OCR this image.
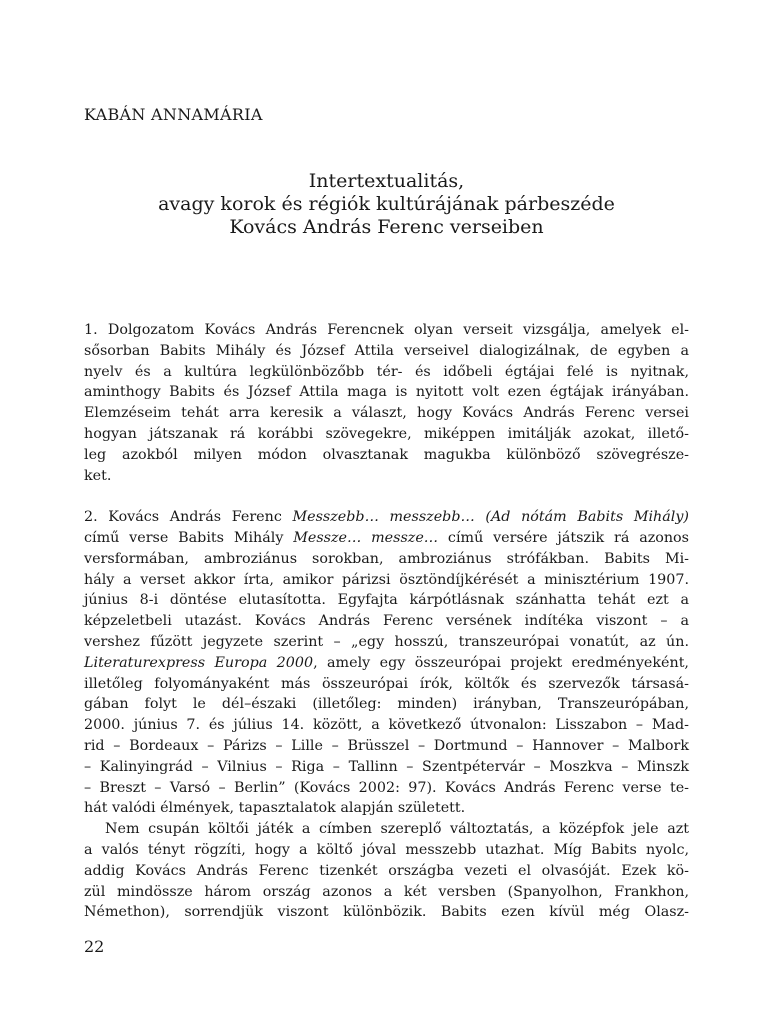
KABÁN ANNAMÁRIA
Intertextualitás,
avagy korok és régiók kultúrájának párbeszéde
Kovács András Ferenc verseiben
1. Dolgozatom Kovács András Ferencnek olyan verseit vizsgálja, amelyek el-
sősorban Babits Mihály és József Attila verseivel dialogizálnak, de egyben a
nyelv és a kultúra legkülönbözőbb tér- és időbeli égtájai felé is nyitnak,
aminthogy Babits és József Attila maga is nyitott volt ezen égtájak irányában.
Elemzéseim tehát arra keresik a választ, hogy Kovács András Ferenc versei
hogyan játszanak rá korábbi szövegekre, miképpen imitálják azokat, illető-
leg azokból milyen módon olvasztanak magukba különböző szövegrésze-
ket.
2. Kovács András Ferenc Messzebb… messzebb… (Ad nótám Babits Mihály)
című verse Babits Mihály Messze… messze… című versére játszik rá azonos
versformában, ambroziánus sorokban, ambroziánus strófákban. Babits Mi-
hály a verset akkor írta, amikor párizsi ösztöndíjkérését a minisztérium 1907.
június 8-i döntése elutasította. Egyfajta kárpótlásnak szánhatta tehát ezt a
képzeletbeli utazást. Kovács András Ferenc versének indítéka viszont – a
vershez fűzött jegyzete szerint – „egy hosszú, transzeurópai vonatút, az ún.
Literaturexpress Europa 2000, amely egy összeurópai projekt eredményeként,
illetőleg folyományaként más összeurópai írók, költők és szervezők társasá-
gában folyt le dél–északi (illetőleg: minden) irányban, Transzeurópában,
2000. június 7. és július 14. között, a következő útvonalon: Lisszabon – Mad-
rid – Bordeaux – Párizs – Lille – Brüsszel – Dortmund – Hannover – Malbork
– Kalinyingrád – Vilnius – Riga – Tallinn – Szentpétervár – Moszkva – Minszk
– Breszt – Varsó – Berlin” (Kovács 2002: 97). Kovács András Ferenc verse te-
hát valódi élmények, tapasztalatok alapján született.
Nem csupán költői játék a címben szereplő változtatás, a középfok jele azt
a valós tényt rögzíti, hogy a költő jóval messzebb utazhat. Míg Babits nyolc,
addig Kovács András Ferenc tizenkét országba vezeti el olvasóját. Ezek kö-
zül mindössze három ország azonos a két versben (Spanyolhon, Frankhon,
Némethon), sorrendjük viszont különbözik. Babits ezen kívül még Olasz-
22
